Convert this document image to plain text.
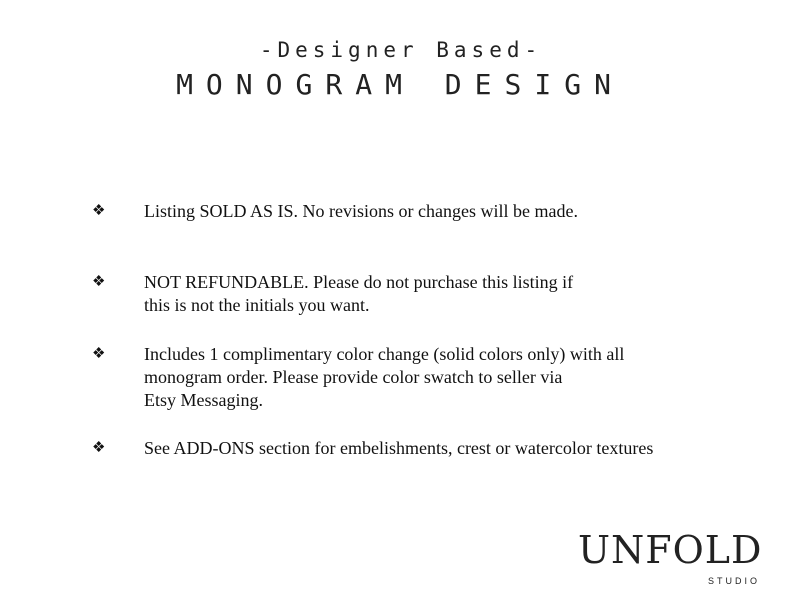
-Designer Based-
MONOGRAM DESIGN
❖ Listing SOLD AS IS. No revisions or changes will be made.
❖ NOT REFUNDABLE. Please do not purchase this listing if
this is not the initials you want.
❖ Includes 1 complimentary color change (solid colors only) with all
monogram order. Please provide color swatch to seller via
Etsy Messaging.
❖ See ADD-ONS section for embelishments, crest or watercolor textures
UNFOLD
STUDIO
